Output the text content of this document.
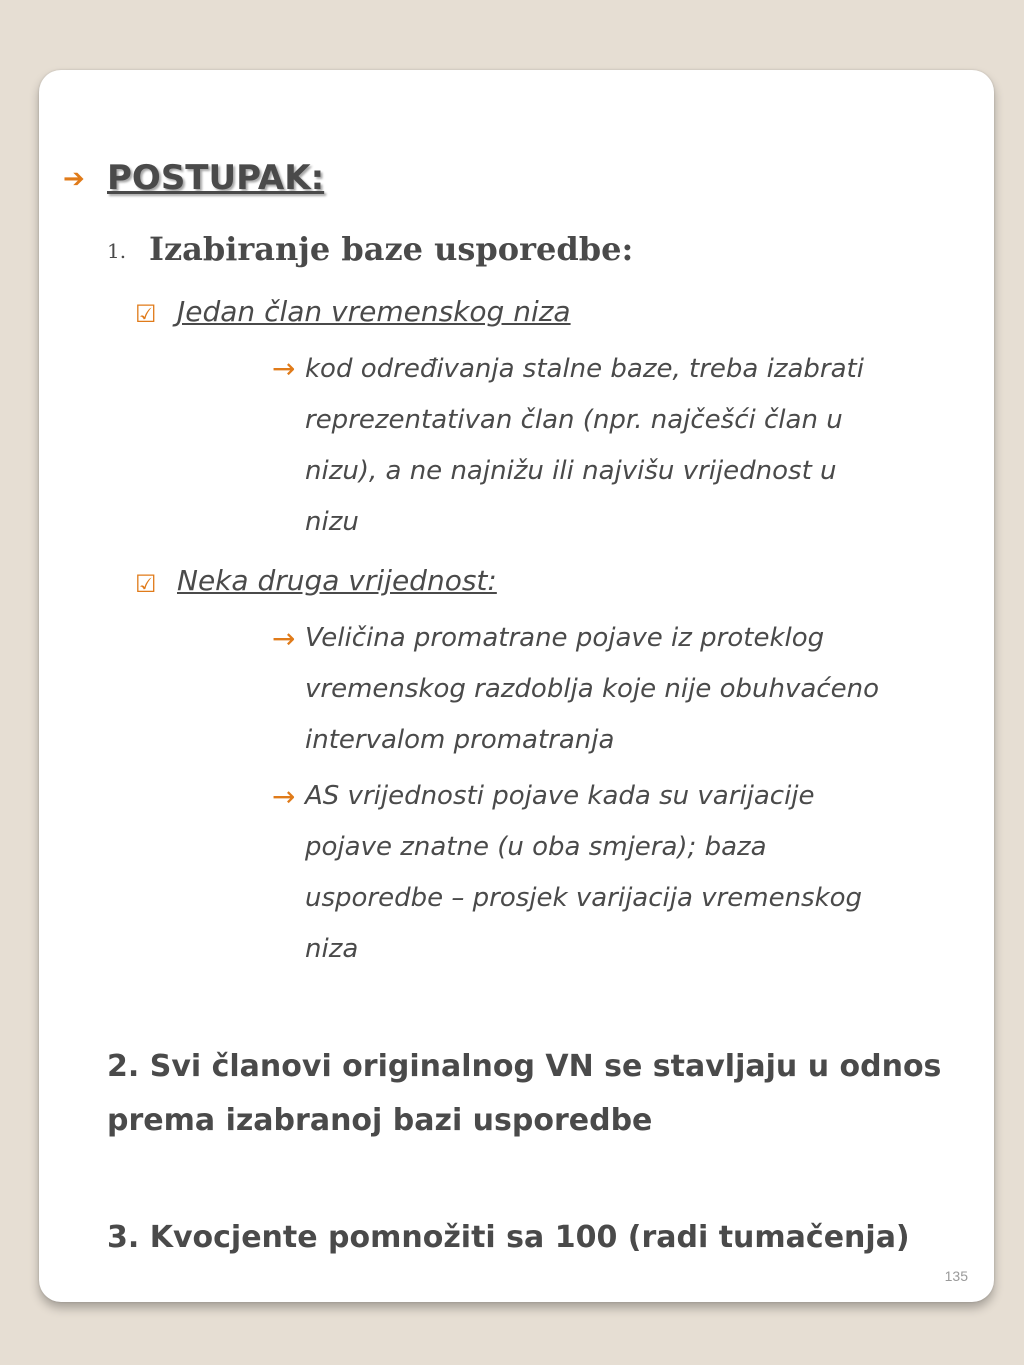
➔ POSTUPAK:
1. Izabiranje baze usporedbe:
☑ Jedan član vremenskog niza
→ kod određivanja stalne baze, treba izabrati
reprezentativan član (npr. najčešći član u
nizu), a ne najnižu ili najvišu vrijednost u
nizu
☑ Neka druga vrijednost:
→ Veličina promatrane pojave iz proteklog
vremenskog razdoblja koje nije obuhvaćeno
intervalom promatranja
→ AS vrijednosti pojave kada su varijacije
pojave znatne (u oba smjera); baza
usporedbe – prosjek varijacija vremenskog
niza
2. Svi članovi originalnog VN se stavljaju u odnos
prema izabranoj bazi usporedbe
3. Kvocjente pomnožiti sa 100 (radi tumačenja)
135
